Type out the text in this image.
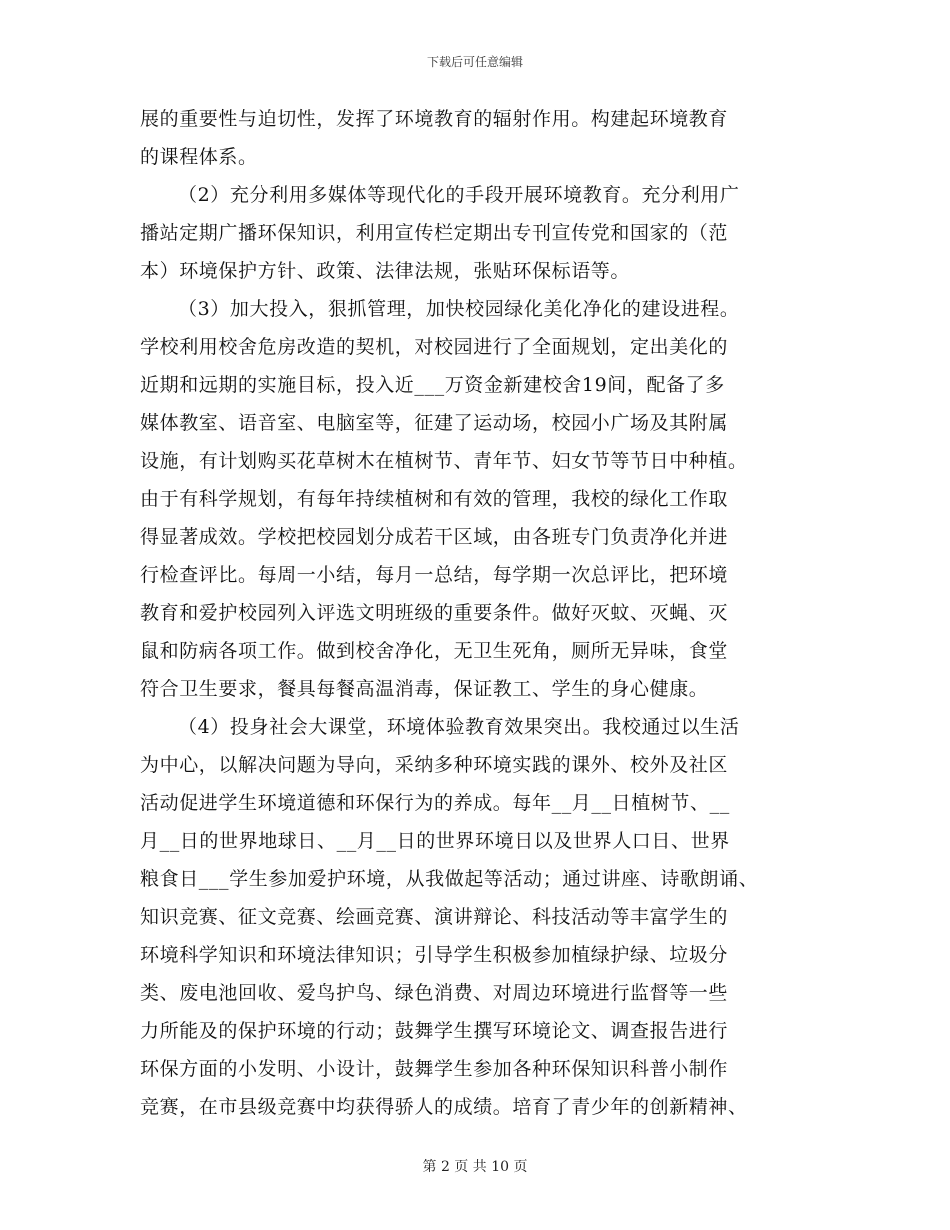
下载后可任意编辑
展的重要性与迫切性，发挥了环境教育的辐射作用。构建起环境教育
的课程体系。
（2）充分利用多媒体等现代化的手段开展环境教育。充分利用广
播站定期广播环保知识，利用宣传栏定期出专刊宣传党和国家的（范
本）环境保护方针、政策、法律法规，张贴环保标语等。
（3）加大投入，狠抓管理，加快校园绿化美化净化的建设进程。
学校利用校舍危房改造的契机，对校园进行了全面规划，定出美化的
近期和远期的实施目标，投入近___万资金新建校舍19间，配备了多
媒体教室、语音室、电脑室等，征建了运动场，校园小广场及其附属
设施，有计划购买花草树木在植树节、青年节、妇女节等节日中种植。
由于有科学规划，有每年持续植树和有效的管理，我校的绿化工作取
得显著成效。学校把校园划分成若干区域，由各班专门负责净化并进
行检查评比。每周一小结，每月一总结，每学期一次总评比，把环境
教育和爱护校园列入评选文明班级的重要条件。做好灭蚊、灭蝇、灭
鼠和防病各项工作。做到校舍净化，无卫生死角，厕所无异味，食堂
符合卫生要求，餐具每餐高温消毒，保证教工、学生的身心健康。
（4）投身社会大课堂，环境体验教育效果突出。我校通过以生活
为中心，以解决问题为导向，采纳多种环境实践的课外、校外及社区
活动促进学生环境道德和环保行为的养成。每年__月__日植树节、__
月__日的世界地球日、__月__日的世界环境日以及世界人口日、世界
粮食日___学生参加爱护环境，从我做起等活动；通过讲座、诗歌朗诵、
知识竞赛、征文竞赛、绘画竞赛、演讲辩论、科技活动等丰富学生的
环境科学知识和环境法律知识；引导学生积极参加植绿护绿、垃圾分
类、废电池回收、爱鸟护鸟、绿色消费、对周边环境进行监督等一些
力所能及的保护环境的行动；鼓舞学生撰写环境论文、调查报告进行
环保方面的小发明、小设计，鼓舞学生参加各种环保知识科普小制作
竞赛，在市县级竞赛中均获得骄人的成绩。培育了青少年的创新精神、
第 2 页 共 10 页
